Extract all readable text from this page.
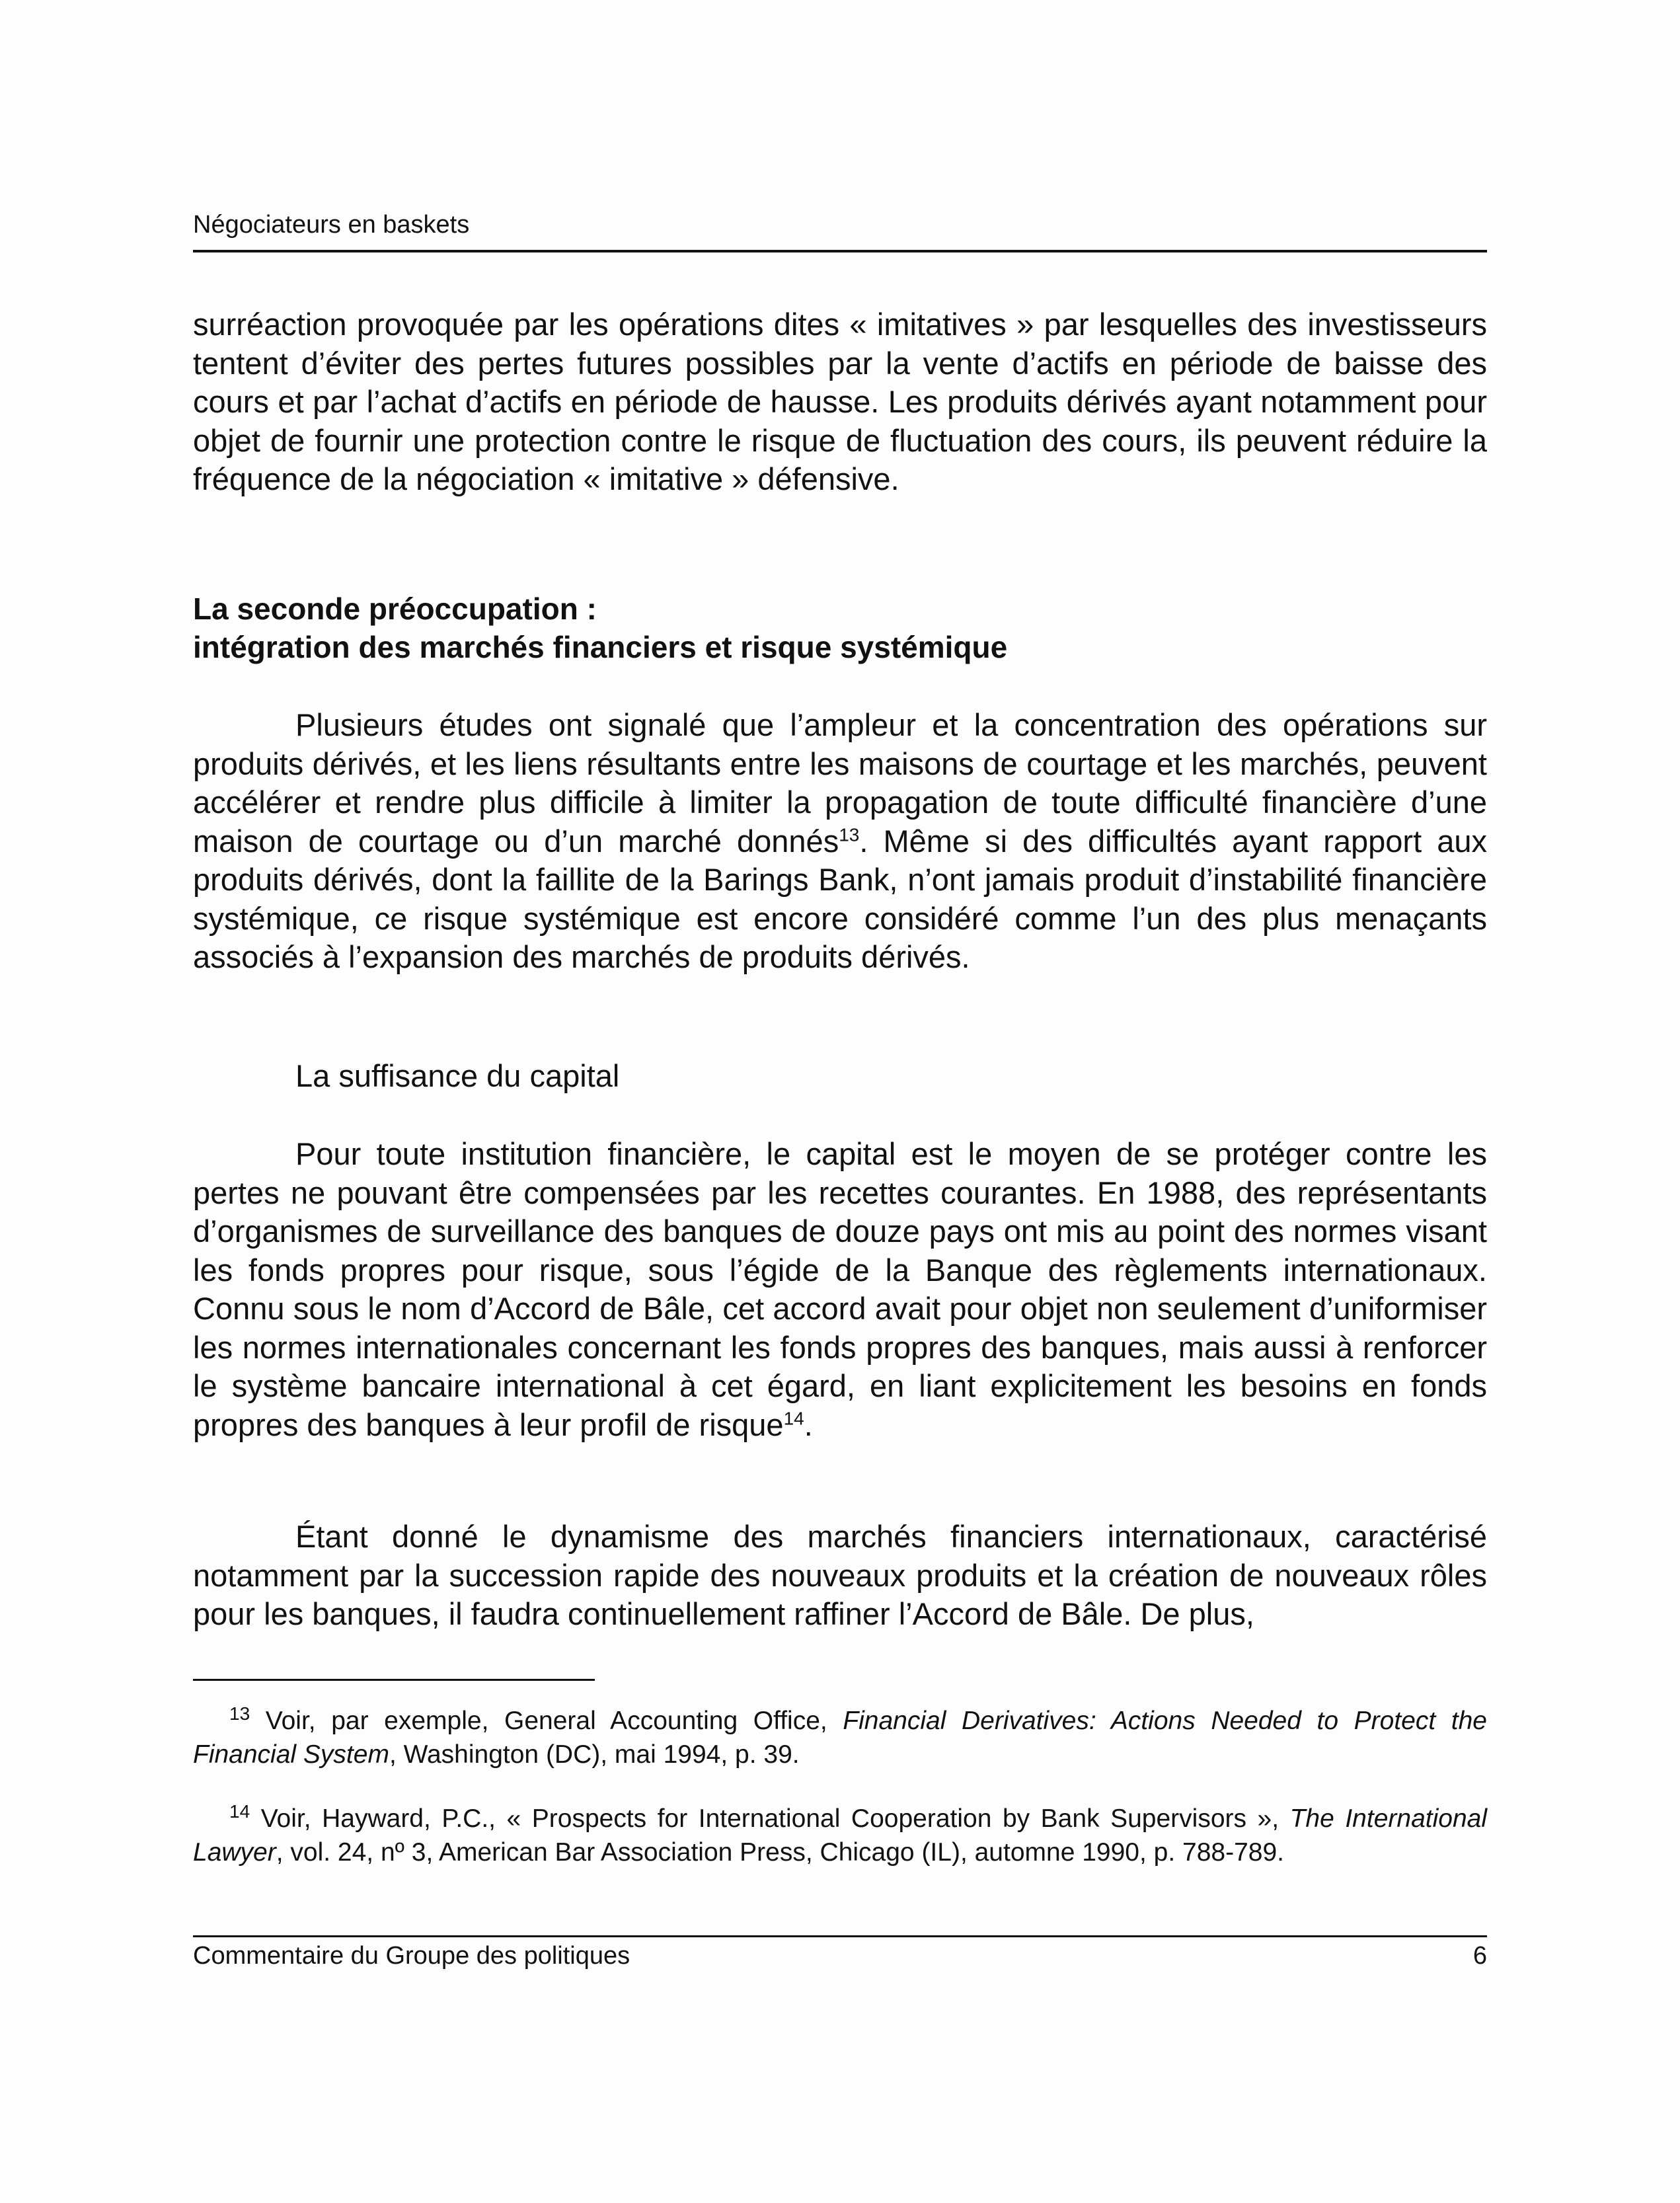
Négociateurs en baskets

surréaction provoquée par les opérations dites « imitatives » par lesquelles des investisseurs tentent d’éviter des pertes futures possibles par la vente d’actifs en période de baisse des cours et par l’achat d’actifs en période de hausse. Les produits dérivés ayant notamment pour objet de fournir une protection contre le risque de fluctuation des cours, ils peuvent réduire la fréquence de la négociation « imitative » défensive.

La seconde préoccupation :

intégration des marchés financiers et risque systémique

Plusieurs études ont signalé que l’ampleur et la concentration des opérations sur produits dérivés, et les liens résultants entre les maisons de courtage et les marchés, peuvent accélérer et rendre plus difficile à limiter la propagation de toute difficulté financière d’une maison de courtage ou d’un marché donnés$^{13}$. Même si des difficultés ayant rapport aux produits dérivés, dont la faillite de la Barings Bank, n’ont jamais produit d’instabilité financière systémique, ce risque systémique est encore considéré comme l’un des plus menaçants associés à l’expansion des marchés de produits dérivés.

La suffisance du capital

Pour toute institution financière, le capital est le moyen de se protéger contre les pertes ne pouvant être compensées par les recettes courantes. En 1988, des représentants d’organismes de surveillance des banques de douze pays ont mis au point des normes visant les fonds propres pour risque, sous l’égide de la Banque des règlements internationaux. Connu sous le nom d’Accord de Bâle, cet accord avait pour objet non seulement d’uniformiser les normes internationales concernant les fonds propres des banques, mais aussi à renforcer le système bancaire international à cet égard, en liant explicitement les besoins en fonds propres des banques à leur profil de risque$^{14}$.

Étant donné le dynamisme des marchés financiers internationaux, caractérisé notamment par la succession rapide des nouveaux produits et la création de nouveaux rôles pour les banques, il faudra continuellement raffiner l’Accord de Bâle. De plus,

$^{13}$ Voir, par exemple, General Accounting Office, Financial Derivatives: Actions Needed to Protect the Financial System, Washington (DC), mai 1994, p. 39.

$^{14}$ Voir, Hayward, P.C., « Prospects for International Cooperation by Bank Supervisors », The International Lawyer, vol. 24, nº 3, American Bar Association Press, Chicago (IL), automne 1990, p. 788-789.

Commentaire du Groupe des politiques	6
